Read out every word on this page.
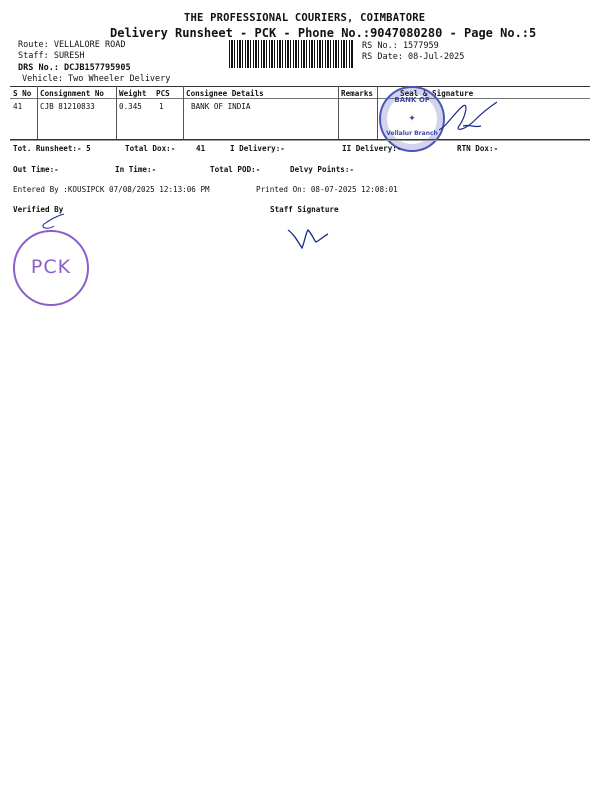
THE PROFESSIONAL COURIERS, COIMBATORE
Delivery Runsheet - PCK - Phone No.:9047080280 - Page No.:5
Route: VELLALORE ROAD
Staff: SURESH
DRS No.: DCJB157795905
Vehicle: Two Wheeler Delivery
RS No.: 1577959
RS Date: 08-Jul-2025
S No Consignment No Weight PCS Consignee Details	Remarks	Seal & Signature
41 CJB 81210833	0.345 1	BANK OF INDIA
BANK OF
✦
Vellalur Branch
Tot. Runsheet:- 5	Total Dox:-	41	I Delivery:-	II Delivery:-	RTN Dox:-
Out Time:-	In Time:-	Total POD:-	Delvy Points:-
Entered By :KOUSIPCK 07/08/2025 12:13:06 PM	Printed On: 08-07-2025 12:08:01
Verified By	Staff Signature
PCK
